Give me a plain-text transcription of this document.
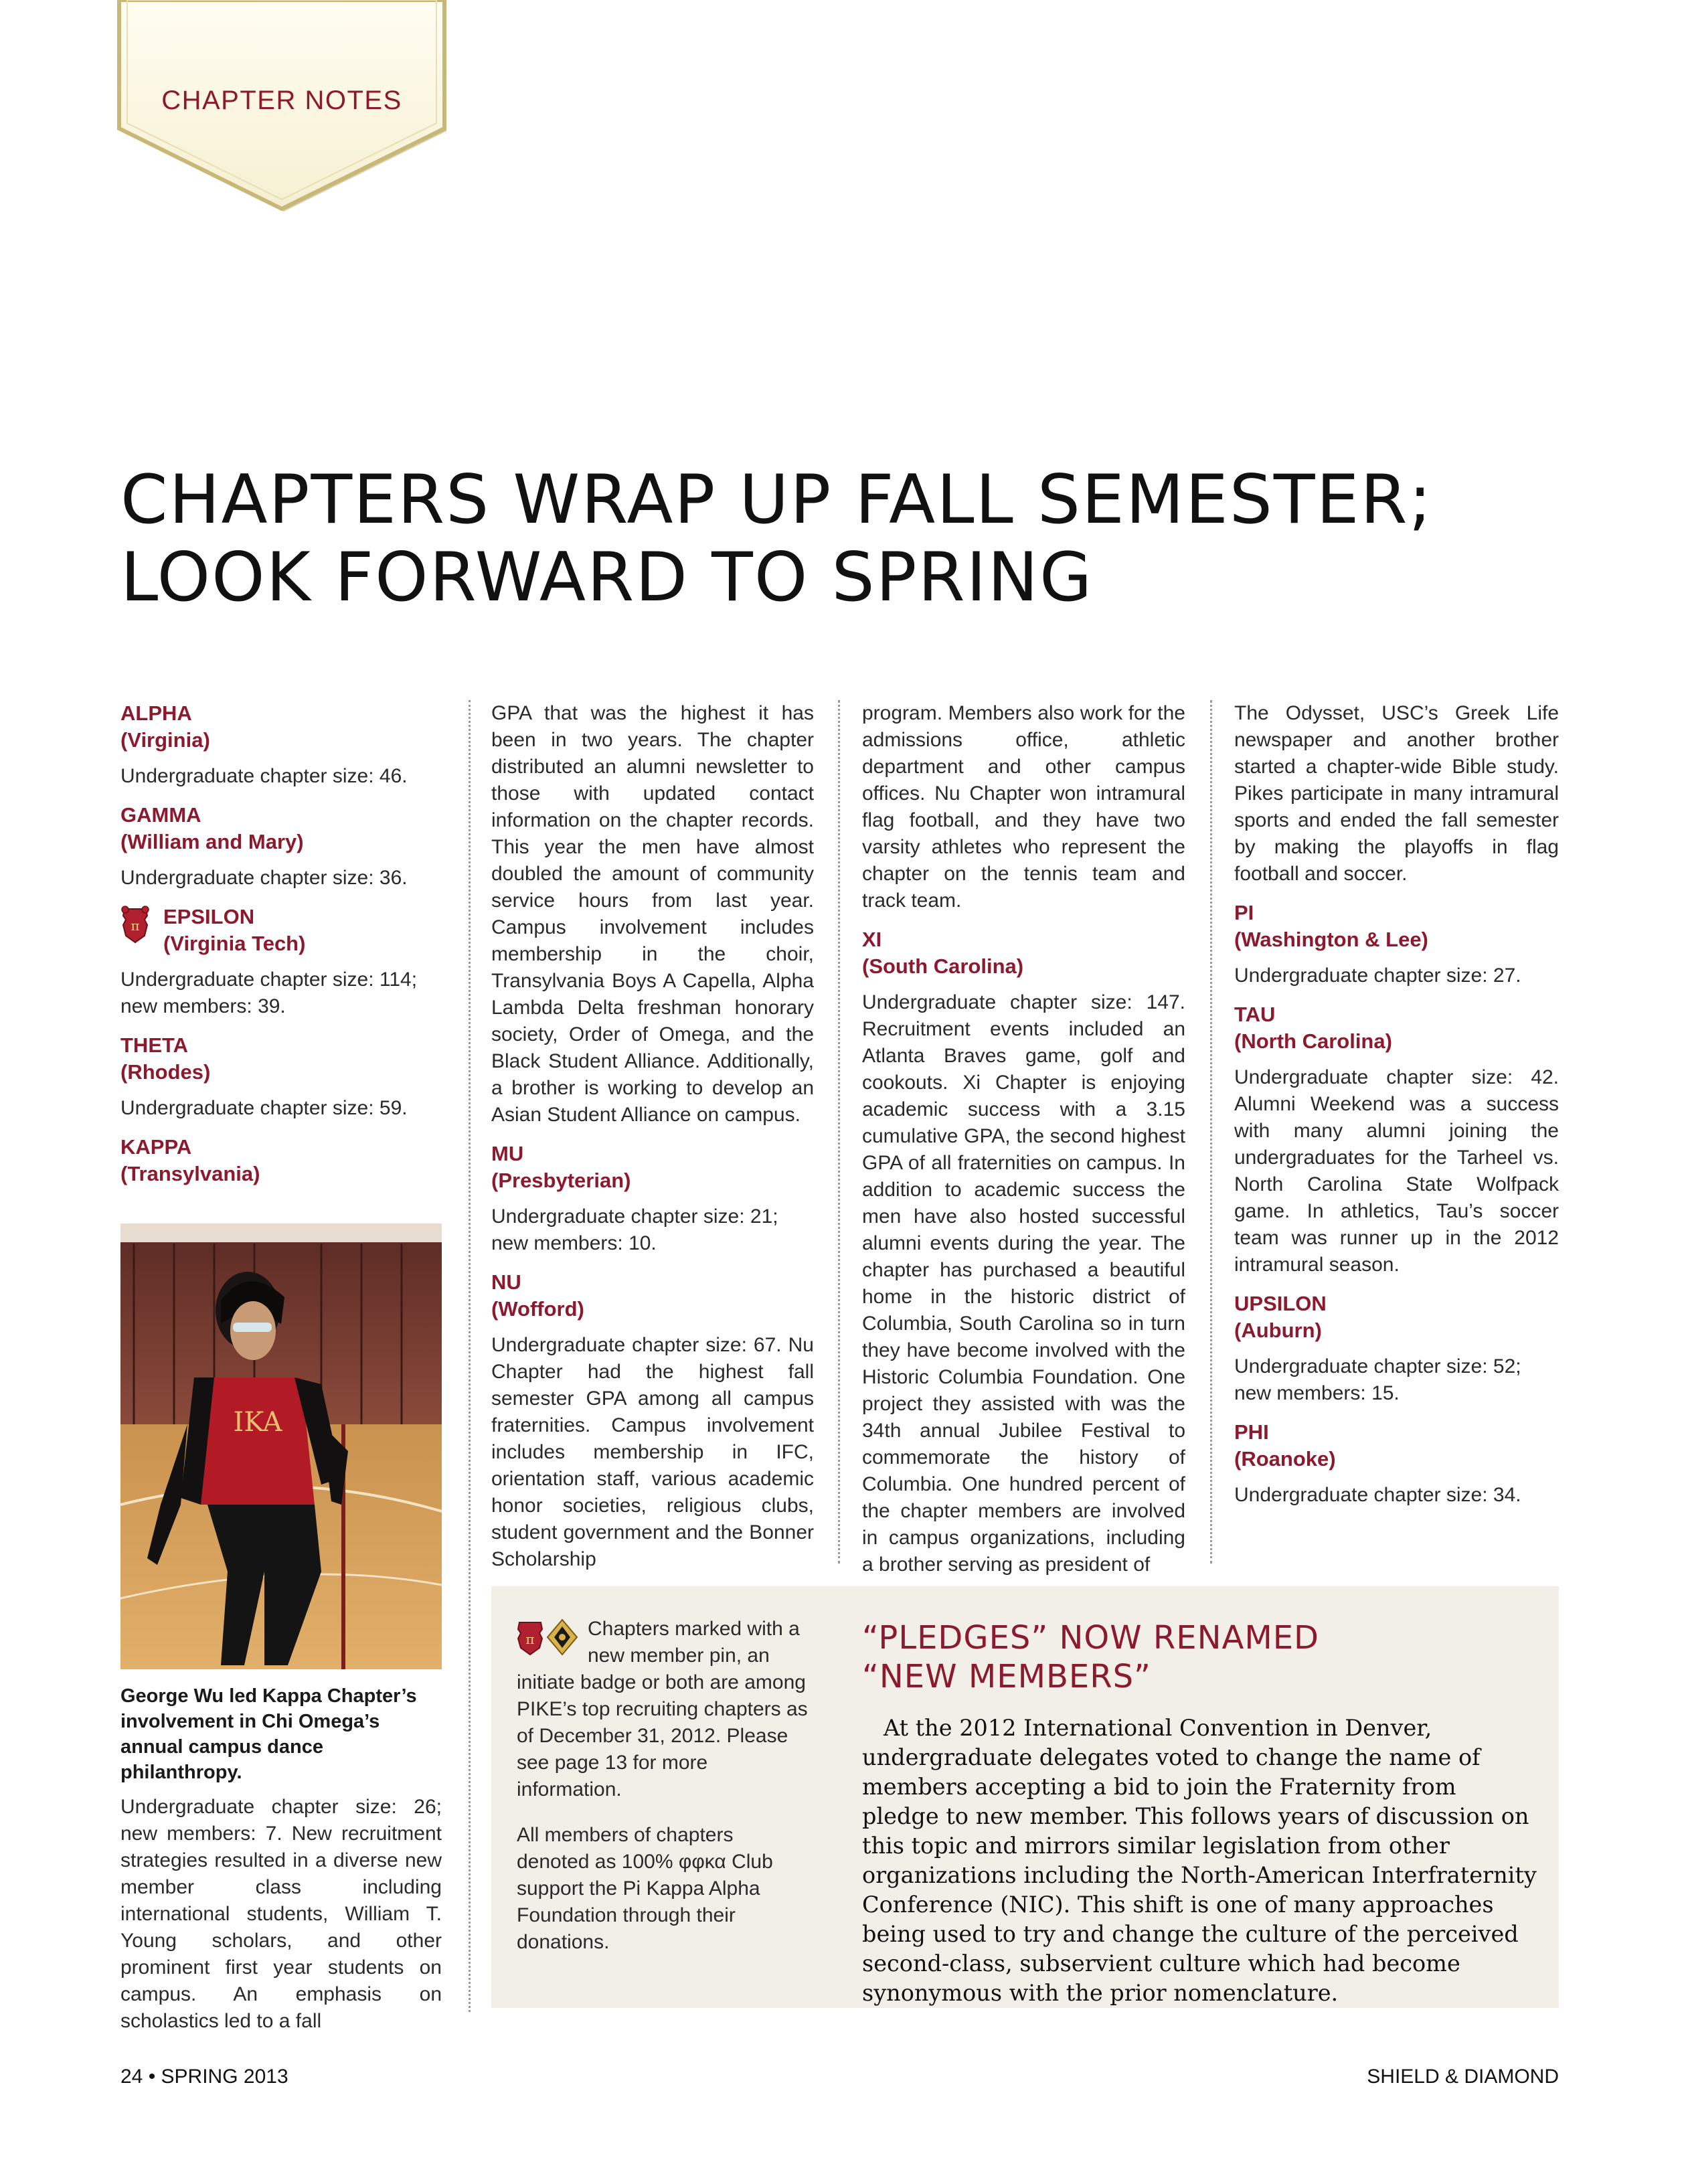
CHAPTER NOTES
CHAPTERS WRAP UP FALL SEMESTER;
LOOK FORWARD TO SPRING
ALPHA
(Virginia)
Undergraduate chapter size: 46.
GAMMA
(William and Mary)
Undergraduate chapter size: 36.
π EPSILON
(Virginia Tech)
Undergraduate chapter size: 114; new members: 39.
THETA
(Rhodes)
Undergraduate chapter size: 59.
KAPPA
(Transylvania)
IKA
George Wu led Kappa Chapter’s involvement in Chi Omega’s annual campus dance philanthropy.
Undergraduate chapter size: 26; new members: 7. New recruitment strategies resulted in a diverse new member class including international students, William T. Young scholars, and other prominent first year students on campus. An emphasis on scholastics led to a fall

GPA that was the highest it has been in two years. The chapter distributed an alumni newsletter to those with updated contact information on the chapter records. This year the men have almost doubled the amount of community service hours from last year. Campus involvement includes membership in the choir, Transylvania Boys A Capella, Alpha Lambda Delta freshman honorary society, Order of Omega, and the Black Student Alliance. Additionally, a brother is working to develop an Asian Student Alliance on campus.

MU
(Presbyterian)
Undergraduate chapter size: 21; new members: 10.
NU
(Wofford)
Undergraduate chapter size: 67. Nu Chapter had the highest fall semester GPA among all campus fraternities. Campus involvement includes membership in IFC, orientation staff, various academic honor societies, religious clubs, student government and the Bonner Scholarship

program. Members also work for the admissions office, athletic department and other campus offices. Nu Chapter won intramural flag football, and they have two varsity athletes who represent the chapter on the tennis team and track team.

XI
(South Carolina)
Undergraduate chapter size: 147. Recruitment events included an Atlanta Braves game, golf and cookouts. Xi Chapter is enjoying academic success with a 3.15 cumulative GPA, the second highest GPA of all fraternities on campus. In addition to academic success the men have also hosted successful alumni events during the year. The chapter has purchased a beautiful home in the historic district of Columbia, South Carolina so in turn they have become involved with the Historic Columbia Foundation. One project they assisted with was the 34th annual Jubilee Festival to commemorate the history of Columbia. One hundred percent of the chapter members are involved in campus organizations, including a brother serving as president of

The Odysset, USC’s Greek Life newspaper and another brother started a chapter-wide Bible study. Pikes participate in many intramural sports and ended the fall semester by making the playoffs in flag football and soccer.

PI
(Washington & Lee)
Undergraduate chapter size: 27.
TAU
(North Carolina)
Undergraduate chapter size: 42. Alumni Weekend was a success with many alumni joining the undergraduates for the Tarheel vs. North Carolina State Wolfpack game. In athletics, Tau’s soccer team was runner up in the 2012 intramural season.
UPSILON
(Auburn)
Undergraduate chapter size: 52; new members: 15.
PHI
(Roanoke)
Undergraduate chapter size: 34.

π	Chapters marked with a new member pin, an initiate badge or both are among PIKE’s top recruiting chapters as of December 31, 2012. Please see page 13 for more information.

All members of chapters denoted as 100% φφκα Club support the Pi Kappa Alpha Foundation through their donations.

“PLEDGES” NOW RENAMED
“NEW MEMBERS”
At the 2012 International Convention in Denver, undergraduate delegates voted to change the name of members accepting a bid to join the Fraternity from pledge to new member. This follows years of discussion on this topic and mirrors similar legislation from other organizations including the North-American Interfraternity Conference (NIC). This shift is one of many approaches being used to try and change the culture of the perceived second-class, subservient culture which had become synonymous with the prior nomenclature.
24 • SPRING 2013	SHIELD & DIAMOND
